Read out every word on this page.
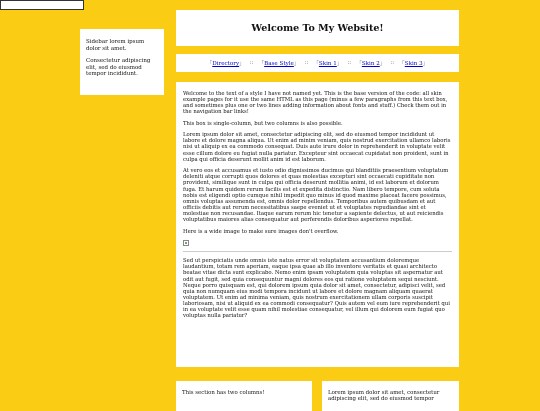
Sidebar lorem ipsum dolor sit amet.

Consectetur adipiscing elit, sed do eiusmod tempor incididunt.

Welcome To My Website!
「Directory」 :: 「Base Style」 :: 「Skin 1」 :: 「Skin 2」 :: 「Skin 3」

Welcome to the text of a style I have not named yet. This is the base version of the code: all skin example pages for it use the same HTML as this page (minus a few paragraphs from this text box, and sometimes plus one or two lines adding information about fonts and stuff.) Check them out in the navigation bar links!

This box is single-column, but two columns is also possible.

Lorem ipsum dolor sit amet, consectetur adipiscing elit, sed do eiusmod tempor incididunt ut labore et dolore magna aliqua. Ut enim ad minim veniam, quis nostrud exercitation ullamco laboris nisi ut aliquip ex ea commodo consequat. Duis aute irure dolor in reprehenderit in voluptate velit esse cillum dolore eu fugiat nulla pariatur. Excepteur sint occaecat cupidatat non proident, sunt in culpa qui officia deserunt mollit anim id est laborum.

At vero eos et accusamus et iusto odio dignissimos ducimus qui blanditiis praesentium voluptatum deleniti atque corrupti quos dolores et quas molestias excepturi sint occaecati cupiditate non provident, similique sunt in culpa qui officia deserunt mollitia animi, id est laborum et dolorum fuga. Et harum quidem rerum facilis est et expedita distinctio. Nam libero tempore, cum soluta nobis est eligendi optio cumque nihil impedit quo minus id quod maxime placeat facere possimus, omnis voluptas assumenda est, omnis dolor repellendus. Temporibus autem quibusdam et aut officiis debitis aut rerum necessitatibus saepe eveniet ut et voluptates repudiandae sint et molestiae non recusandae. Itaque earum rerum hic tenetur a sapiente delectus, ut aut reiciendis voluptatibus maiores alias consequatur aut perferendis doloribus asperiores repellat.

Here is a wide image to make sure images don't overflow.

Sed ut perspiciatis unde omnis iste natus error sit voluptatem accusantium doloremque laudantium, totam rem aperiam, eaque ipsa quae ab illo inventore veritatis et quasi architecto beatae vitae dicta sunt explicabo. Nemo enim ipsam voluptatem quia voluptas sit aspernatur aut odit aut fugit, sed quia consequuntur magni dolores eos qui ratione voluptatem sequi nesciunt. Neque porro quisquam est, qui dolorem ipsum quia dolor sit amet, consectetur, adipisci velit, sed quia non numquam eius modi tempora incidunt ut labore et dolore magnam aliquam quaerat voluptatem. Ut enim ad minima veniam, quis nostrum exercitationem ullam corporis suscipit laboriosam, nisi ut aliquid ex ea commodi consequatur? Quis autem vel eum iure reprehenderit qui in ea voluptate velit esse quam nihil molestiae consequatur, vel illum qui dolorem eum fugiat quo voluptas nulla pariatur?

This section has two columns!	Lorem ipsum dolor sit amet, consectetur adipiscing elit, sed do eiusmod tempor
